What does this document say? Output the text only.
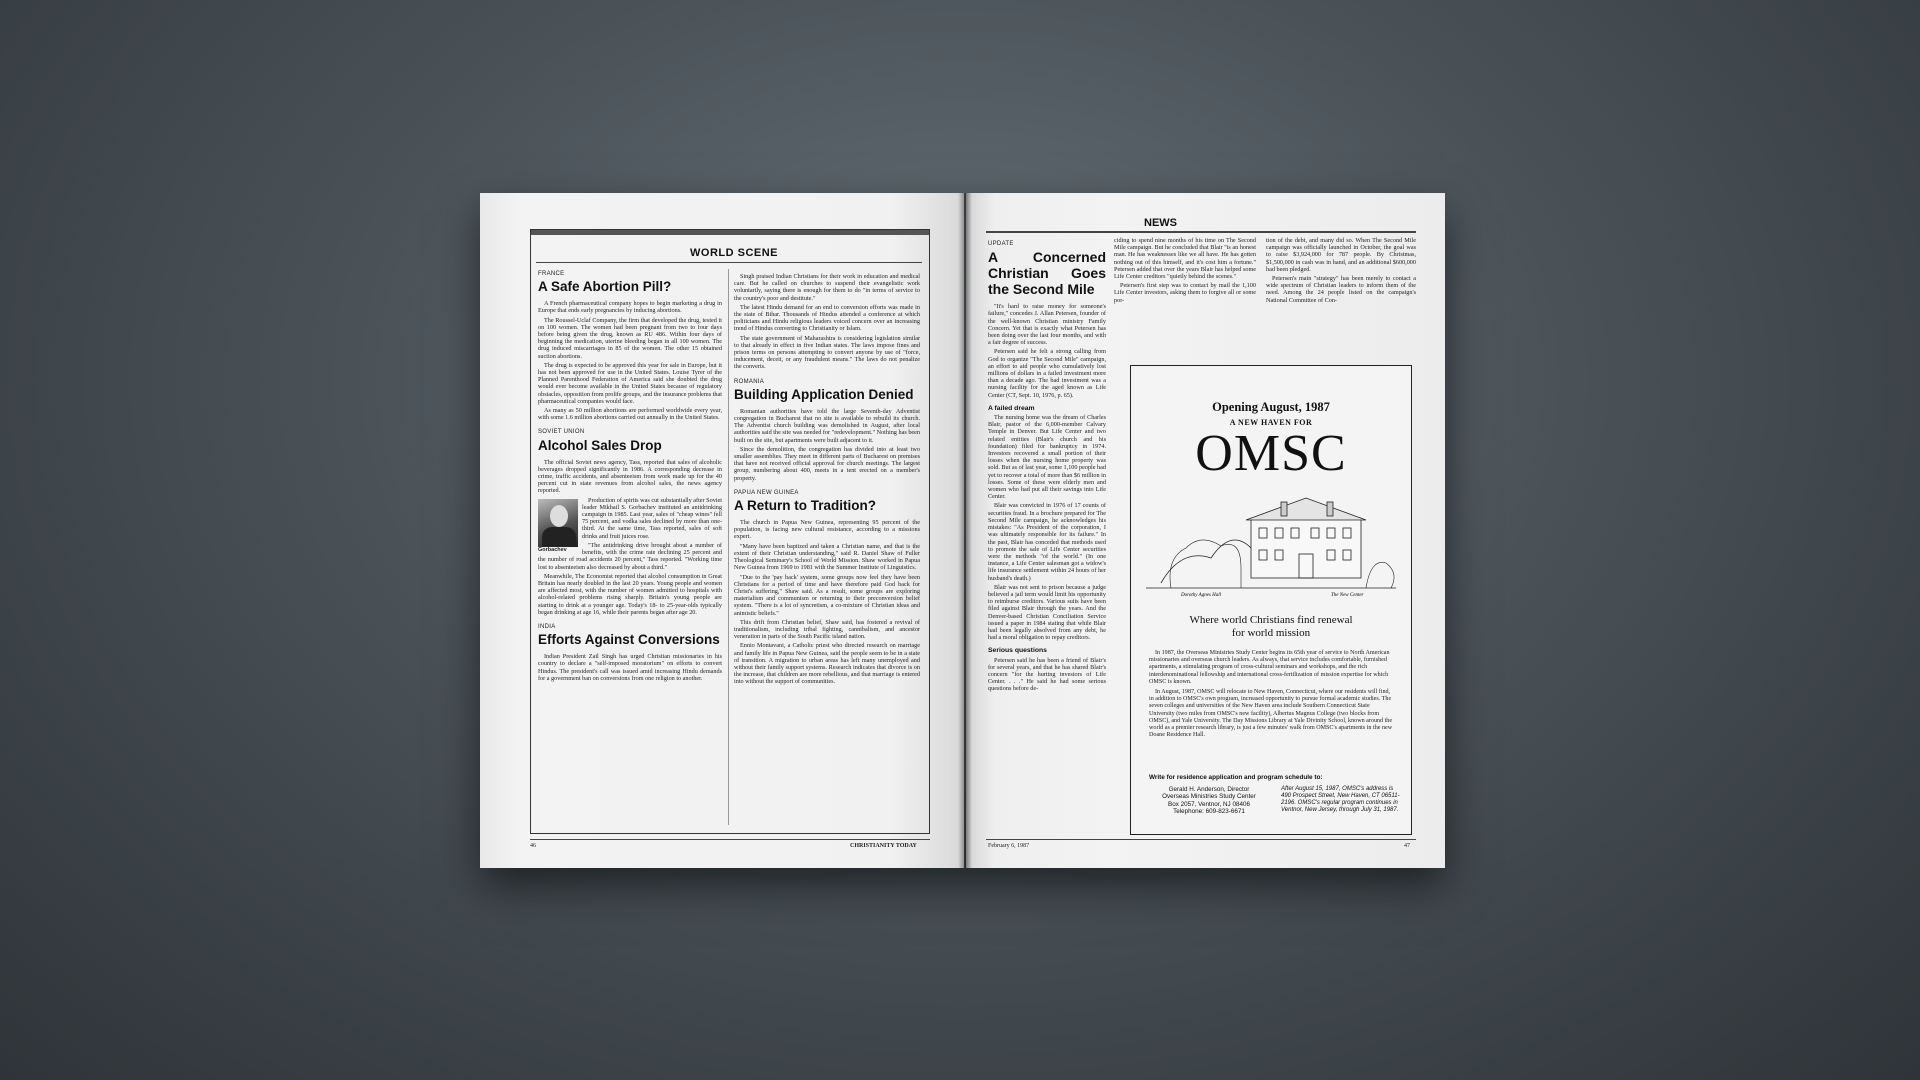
WORLD SCENE
FRANCE
A Safe Abortion Pill?

A French pharmaceutical company hopes to begin marketing a drug in Europe that ends early pregnancies by inducing abortions.

The Roussel-Uclaf Company, the firm that developed the drug, tested it on 100 women. The women had been pregnant from two to four days before being given the drug, known as RU 486. Within four days of beginning the medication, uterine bleeding began in all 100 women. The drug induced miscarriages in 85 of the women. The other 15 obtained suction abortions.

The drug is expected to be approved this year for sale in Europe, but it has not been approved for use in the United States. Louise Tyrer of the Planned Parenthood Federation of America said she doubted the drug would ever become available in the United States because of regulatory obstacles, opposition from prolife groups, and the insurance problems that pharmaceutical companies would face.

As many as 50 million abortions are performed worldwide every year, with some 1.6 million abortions carried out annually in the United States.

SOVIET UNION
Alcohol Sales Drop

The official Soviet news agency, Tass, reported that sales of alcoholic beverages dropped significantly in 1986. A corresponding decrease in crime, traffic accidents, and absenteeism from work made up for the 40 percent cut in state revenues from alcohol sales, the news agency reported.

Production of spirits was cut substantially after Soviet leader Mikhail S. Gorbachev instituted an antidrinking campaign in 1985. Last year, sales of "cheap wines" fell 75 percent, and vodka sales declined by more than one-third. At the same time, Tass reported, sales of soft drinks and fruit juices rose.

Gorbachev

"The antidrinking drive brought about a number of benefits, with the crime rate declining 25 percent and the number of road accidents 20 percent," Tass reported. "Working time lost to absenteeism also decreased by about a third."

Meanwhile, The Economist reported that alcohol consumption in Great Britain has nearly doubled in the last 20 years. Young people and women are affected most, with the number of women admitted to hospitals with alcohol-related problems rising sharply. Britain's young people are starting to drink at a younger age. Today's 18- to 25-year-olds typically began drinking at age 16, while their parents began after age 20.

INDIA
Efforts Against Conversions

Indian President Zail Singh has urged Christian missionaries in his country to declare a "self-imposed moratorium" on efforts to convert Hindus. The president's call was issued amid increasing Hindu demands for a government ban on conversions from one religion to another.

Singh praised Indian Christians for their work in education and medical care. But he called on churches to suspend their evangelistic work voluntarily, saying there is enough for them to do "in terms of service to the country's poor and destitute."

The latest Hindu demand for an end to conversion efforts was made in the state of Bihar. Thousands of Hindus attended a conference at which politicians and Hindu religious leaders voiced concern over an increasing trend of Hindus converting to Christianity or Islam.

The state government of Maharashtra is considering legislation similar to that already in effect in five Indian states. The laws impose fines and prison terms on persons attempting to convert anyone by use of "force, inducement, deceit, or any fraudulent means." The laws do not penalize the converts.

ROMANIA
Building Application Denied

Romanian authorities have told the large Seventh-day Adventist congregation in Bucharest that no site is available to rebuild its church. The Adventist church building was demolished in August, after local authorities said the site was needed for "redevelopment." Nothing has been built on the site, but apartments were built adjacent to it.

Since the demolition, the congregation has divided into at least two smaller assemblies. They meet in different parts of Bucharest on premises that have not received official approval for church meetings. The largest group, numbering about 400, meets in a tent erected on a member's property.

PAPUA NEW GUINEA
A Return to Tradition?

The church in Papua New Guinea, representing 95 percent of the population, is facing new cultural resistance, according to a missions expert.

"Many have been baptized and taken a Christian name, and that is the extent of their Christian understanding," said R. Daniel Shaw of Fuller Theological Seminary's School of World Mission. Shaw worked in Papua New Guinea from 1969 to 1981 with the Summer Institute of Linguistics.

"Due to the 'pay back' system, some groups now feel they have been Christians for a period of time and have therefore paid God back for Christ's suffering," Shaw said. As a result, some groups are exploring materialism and communism or returning to their preconversion belief system. "There is a lot of syncretism, a co-mixture of Christian ideas and animistic beliefs."

This drift from Christian belief, Shaw said, has fostered a revival of traditionalism, including tribal fighting, cannibalism, and ancestor veneration in parts of the South Pacific island nation.

Ennio Montavani, a Catholic priest who directed research on marriage and family life in Papua New Guinea, said the people seem to be in a state of transition. A migration to urban areas has left many unemployed and without their family support systems. Research indicates that divorce is on the increase, that children are more rebellious, and that marriage is entered into without the support of communities.

46	CHRISTIANITY TODAY
NEWS
UPDATE
A Concerned Christian Goes the Second Mile

"It's hard to raise money for someone's failure," concedes J. Allan Petersen, founder of the well-known Christian ministry Family Concern. Yet that is exactly what Petersen has been doing over the last four months, and with a fair degree of success.

Petersen said he felt a strong calling from God to organize "The Second Mile" campaign, an effort to aid people who cumulatively lost millions of dollars in a failed investment more than a decade ago. The bad investment was a nursing facility for the aged known as Life Center (CT, Sept. 10, 1976, p. 65).

A failed dream

The nursing home was the dream of Charles Blair, pastor of the 6,000-member Calvary Temple in Denver. But Life Center and two related entities (Blair's church and his foundation) filed for bankruptcy in 1974. Investors recovered a small portion of their losses when the nursing home property was sold. But as of last year, some 1,100 people had yet to recover a total of more than $6 million in losses. Some of these were elderly men and women who had put all their savings into Life Center.

Blair was convicted in 1976 of 17 counts of securities fraud. In a brochure prepared for The Second Mile campaign, he acknowledges his mistakes: "As President of the corporation, I was ultimately responsible for its failure." In the past, Blair has conceded that methods used to promote the sale of Life Center securities were the methods "of the world." (In one instance, a Life Center salesman got a widow's life insurance settlement within 24 hours of her husband's death.)

Blair was not sent to prison because a judge believed a jail term would limit his opportunity to reimburse creditors. Various suits have been filed against Blair through the years. And the Denver-based Christian Conciliation Service issued a paper in 1984 stating that while Blair had been legally absolved from any debt, he had a moral obligation to repay creditors.

Serious questions

Petersen said he has been a friend of Blair's for several years, and that he has shared Blair's concern "for the hurting investors of Life Center. . . ." He said he had some serious questions before de-

ciding to spend nine months of his time on The Second Mile campaign. But he concluded that Blair "is an honest man. He has weaknesses like we all have. He has gotten nothing out of this himself, and it's cost him a fortune." Petersen added that over the years Blair has helped some Life Center creditors "quietly behind the scenes."

Petersen's first step was to contact by mail the 1,100 Life Center investors, asking them to forgive all or some por-

tion of the debt, and many did so. When The Second Mile campaign was officially launched in October, the goal was to raise $3,924,000 for 787 people. By Christmas, $1,500,000 in cash was in hand, and an additional $600,000 had been pledged.

Petersen's main "strategy" has been merely to contact a wide spectrum of Christian leaders to inform them of the need. Among the 24 people listed on the campaign's National Committee of Con-

Opening August, 1987
A NEW HAVEN FOR
OMSC
Dorothy Agnes Hall	The New Center
Where world Christians find renewal
for world mission

In 1987, the Overseas Ministries Study Center begins its 65th year of service to North American missionaries and overseas church leaders. As always, that service includes comfortable, furnished apartments, a stimulating program of cross-cultural seminars and workshops, and the rich interdenominational fellowship and international cross-fertilization of mission expertise for which OMSC is known.

In August, 1987, OMSC will relocate to New Haven, Connecticut, where our residents will find, in addition to OMSC's own program, increased opportunity to pursue formal academic studies. The seven colleges and universities of the New Haven area include Southern Connecticut State University (two miles from OMSC's new facility), Albertus Magnus College (two blocks from OMSC), and Yale University. The Day Missions Library at Yale Divinity School, known around the world as a premier research library, is just a few minutes' walk from OMSC's apartments in the new Doane Residence Hall.

Write for residence application and program schedule to:
Gerald H. Anderson, Director
Overseas Ministries Study Center
Box 2057, Ventnor, NJ 08406
Telephone: 609-823-6671
After August 15, 1987, OMSC's address is 490 Prospect Street, New Haven, CT 06511-2196. OMSC's regular program continues in Ventnor, New Jersey, through July 31, 1987.
February 6, 1987	47
